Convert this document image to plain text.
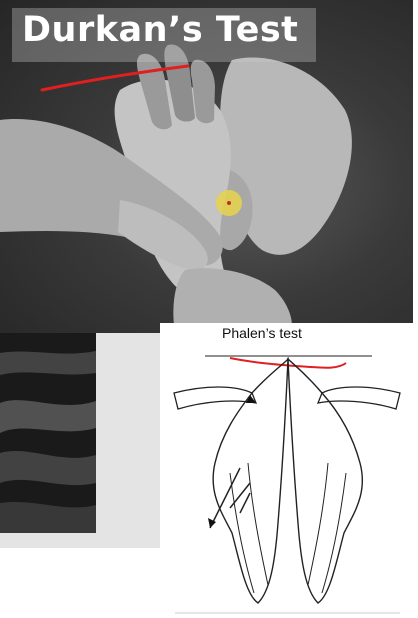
Durkan’s Test
Phalen’s test
